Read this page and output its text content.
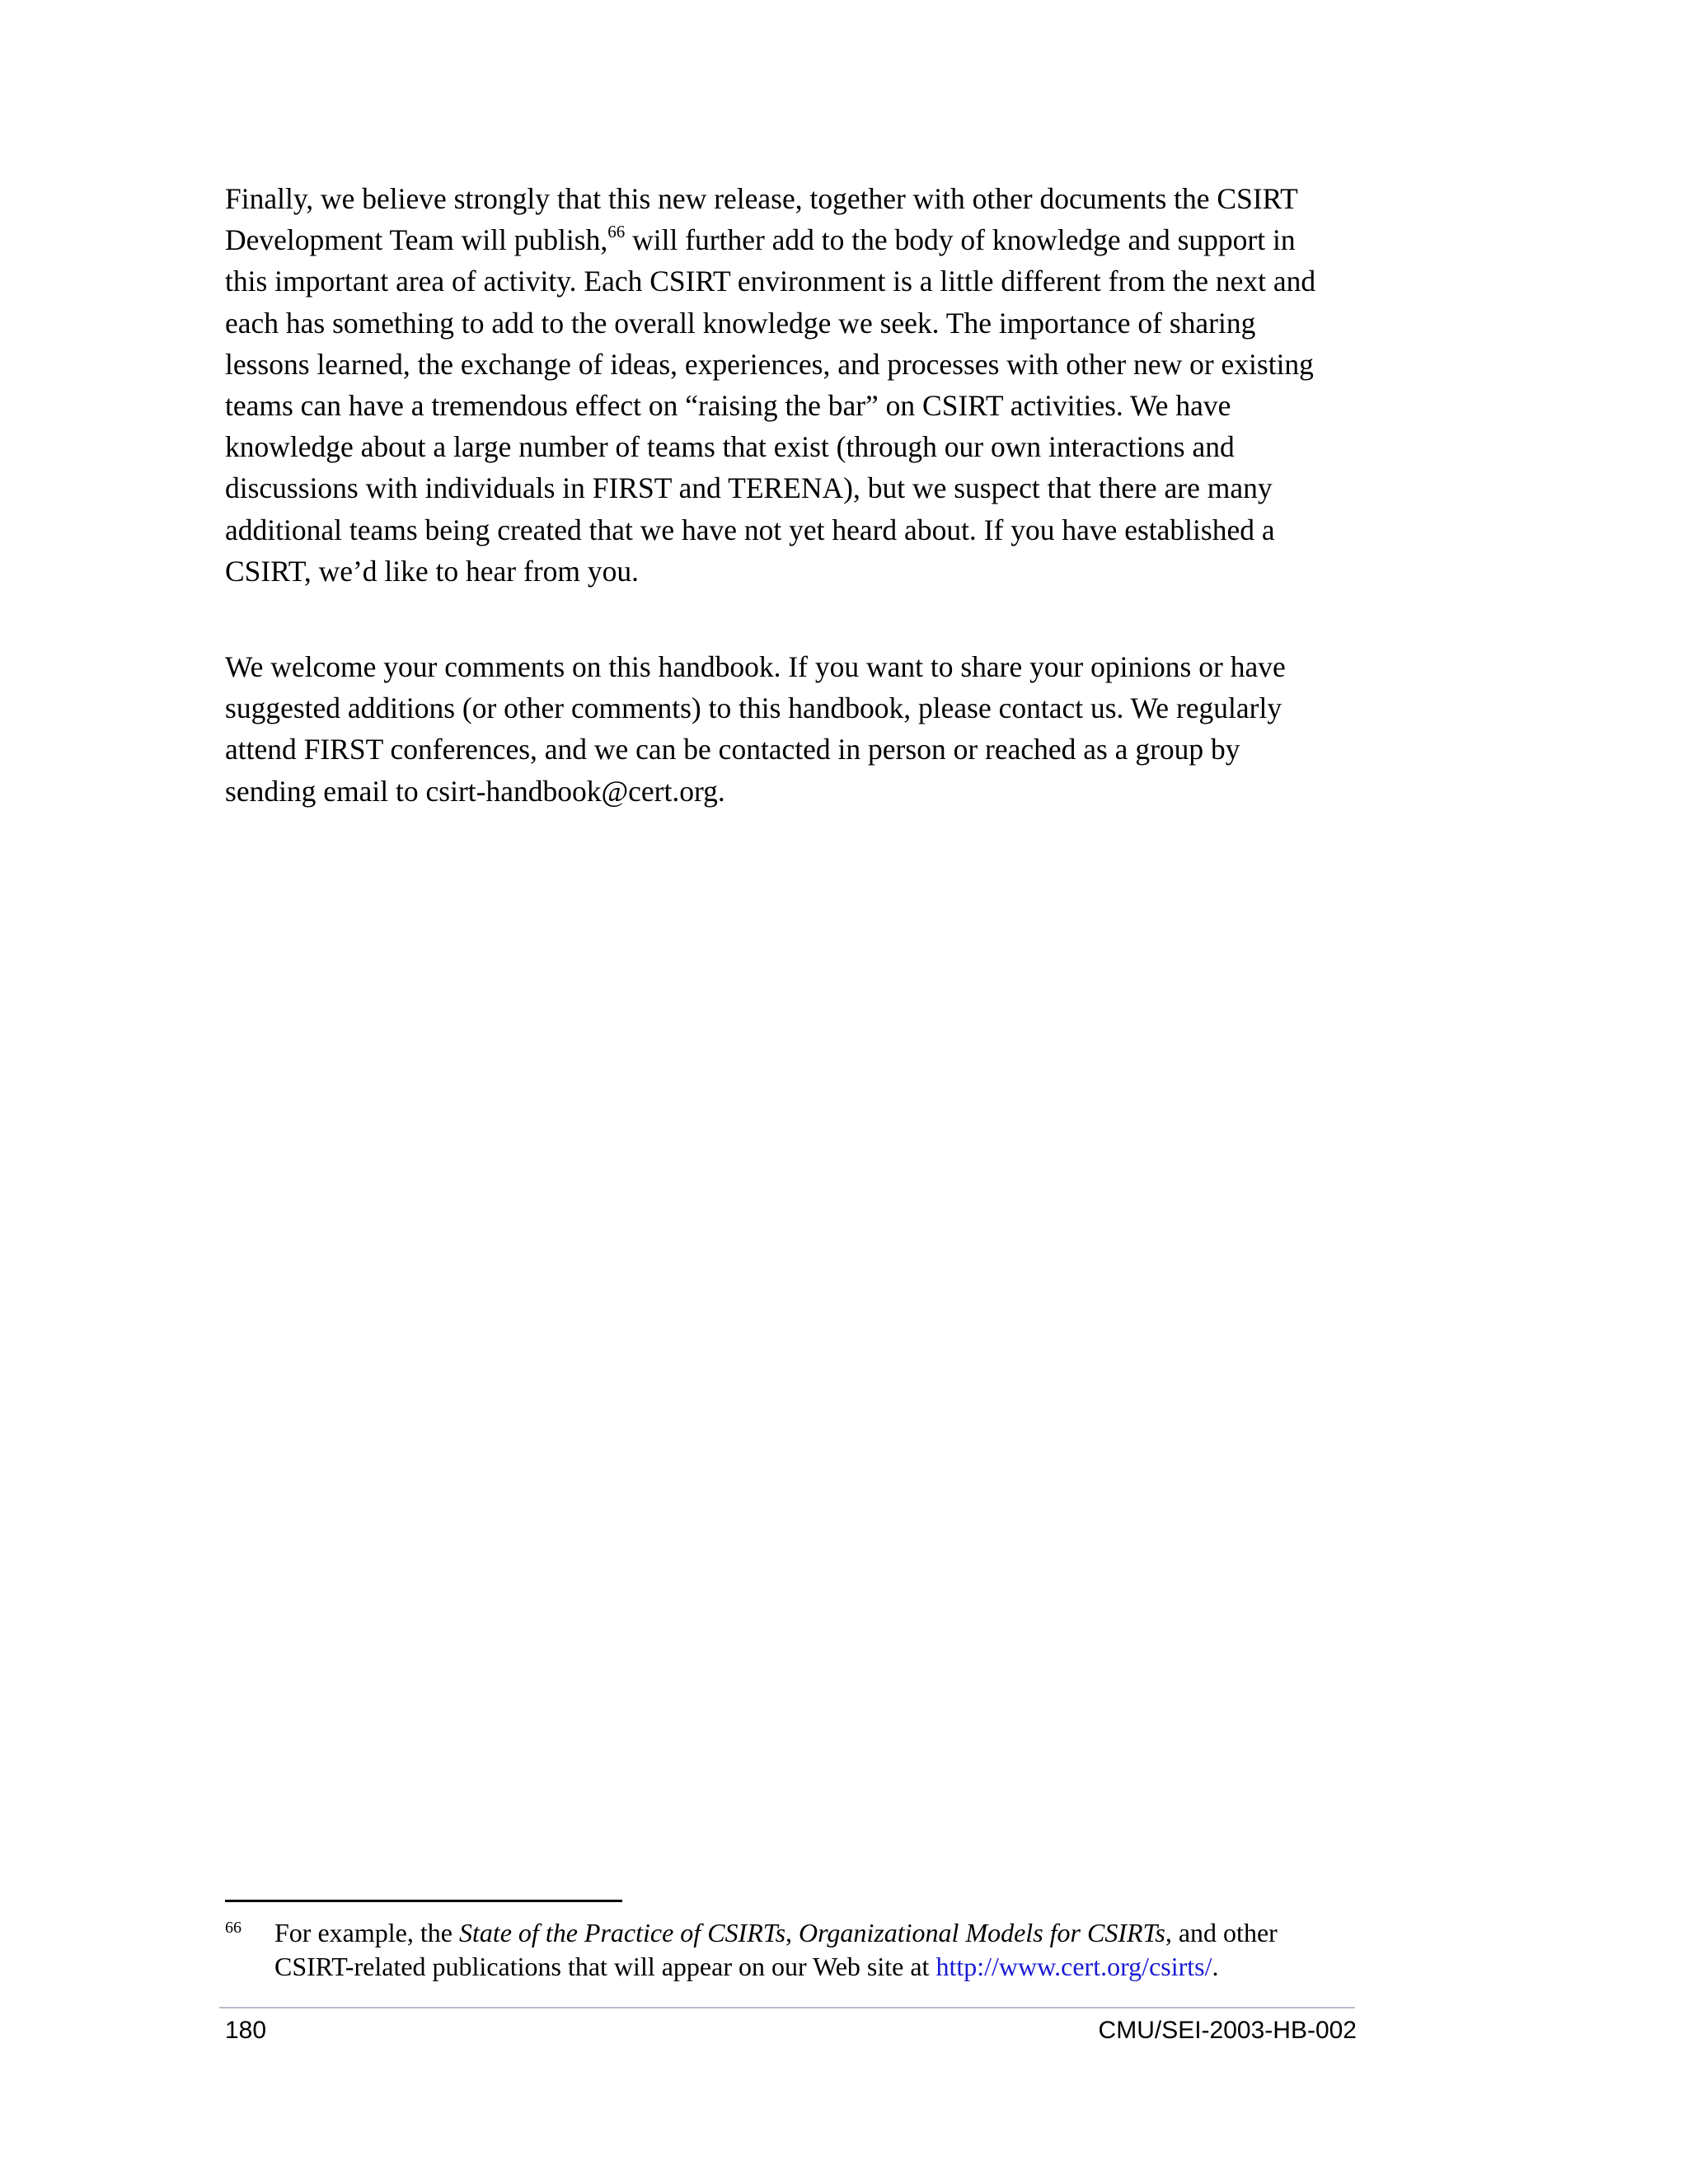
Finally, we believe strongly that this new release, together with other documents the CSIRT
Development Team will publish,$^{66}$ will further add to the body of knowledge and support in
this important area of activity. Each CSIRT environment is a little different from the next and
each has something to add to the overall knowledge we seek. The importance of sharing
lessons learned, the exchange of ideas, experiences, and processes with other new or existing
teams can have a tremendous effect on “raising the bar” on CSIRT activities. We have
knowledge about a large number of teams that exist (through our own interactions and
discussions with individuals in FIRST and TERENA), but we suspect that there are many
additional teams being created that we have not yet heard about. If you have established a
CSIRT, we’d like to hear from you.

We welcome your comments on this handbook. If you want to share your opinions or have
suggested additions (or other comments) to this handbook, please contact us. We regularly
attend FIRST conferences, and we can be contacted in person or reached as a group by
sending email to csirt-handbook@cert.org.

66 For example, the State of the Practice of CSIRTs, Organizational Models for CSIRTs, and other
CSIRT-related publications that will appear on our Web site at http://www.cert.org/csirts/.
180	CMU/SEI-2003-HB-002
